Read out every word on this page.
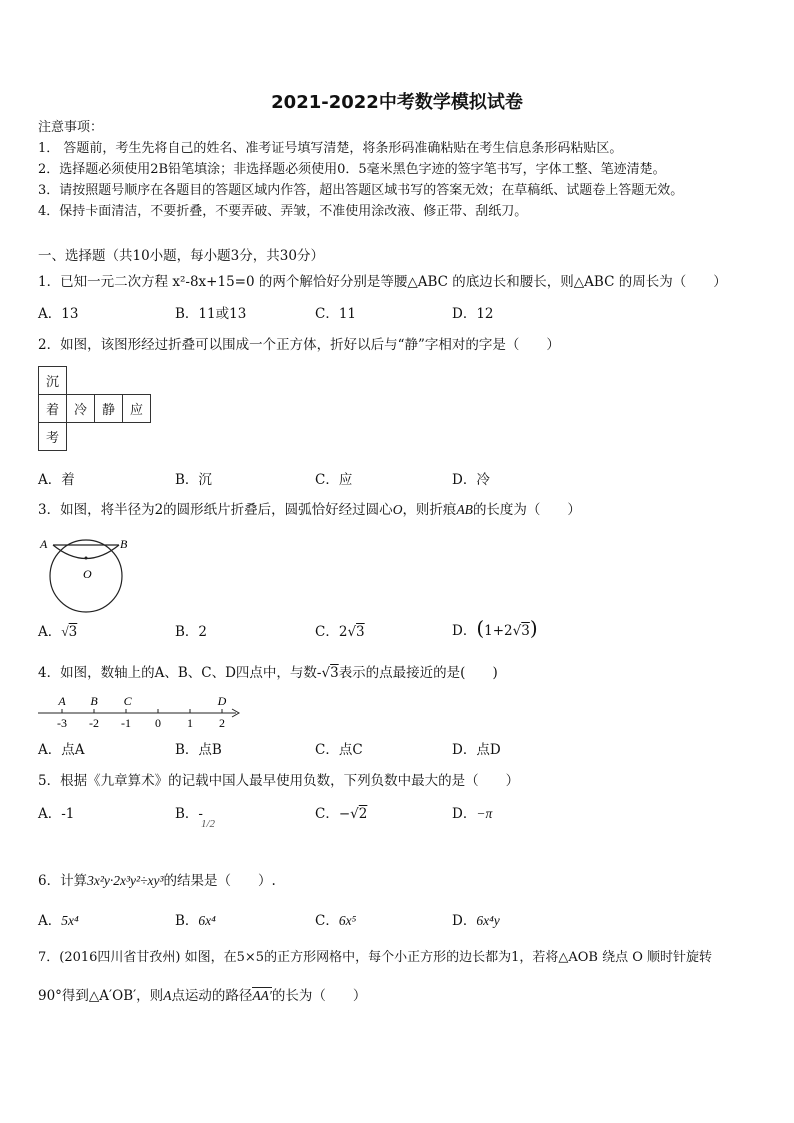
2021-2022中考数学模拟试卷
注意事项：
1． 答题前，考生先将自己的姓名、准考证号填写清楚，将条形码准确粘贴在考生信息条形码粘贴区。
2．选择题必须使用2B铅笔填涂；非选择题必须使用0．5毫米黑色字迹的签字笔书写，字体工整、笔迹清楚。
3．请按照题号顺序在各题目的答题区域内作答，超出答题区域书写的答案无效；在草稿纸、试题卷上答题无效。
4．保持卡面清洁，不要折叠，不要弄破、弄皱，不准使用涂改液、修正带、刮纸刀。
一、选择题（共10小题，每小题3分，共30分）
1．已知一元二次方程 x²-8x+15=0 的两个解恰好分别是等腰△ABC 的底边长和腰长，则△ABC 的周长为（　　）
A．13	B．11或13	C．11	D．12
2．如图，该图形经过折叠可以围成一个正方体，折好以后与“静”字相对的字是（　　）
沉			
着	冷	静	应
考			
A．着	B．沉	C．应	D．冷
3．如图，将半径为2的圆形纸片折叠后，圆弧恰好经过圆心O，则折痕AB的长度为（　　）
A	B
O
A．√3	B．2	C．2√3	D．(1+2√3)
4．如图，数轴上的A、B、C、D四点中，与数-√3表示的点最接近的是(　　)
-3 -2 -1 0 1 2
A B C	D
A．点A	B．点B	C．点C	D．点D
5．根据《九章算术》的记载中国人最早使用负数，下列负数中最大的是（　　）
A．-1	B．-
1/2
C．−√2	D．−π
6．计算3x²y·2x³y²÷xy³的结果是（　　）.
A．5x⁴	B．6x⁴	C．6x⁵	D．6x⁴y
7．(2016四川省甘孜州) 如图，在5×5的正方形网格中，每个小正方形的边长都为1，若将△AOB 绕点 O 顺时针旋转
90°得到△A′OB′，则A点运动的路径AA′的长为（　　）
